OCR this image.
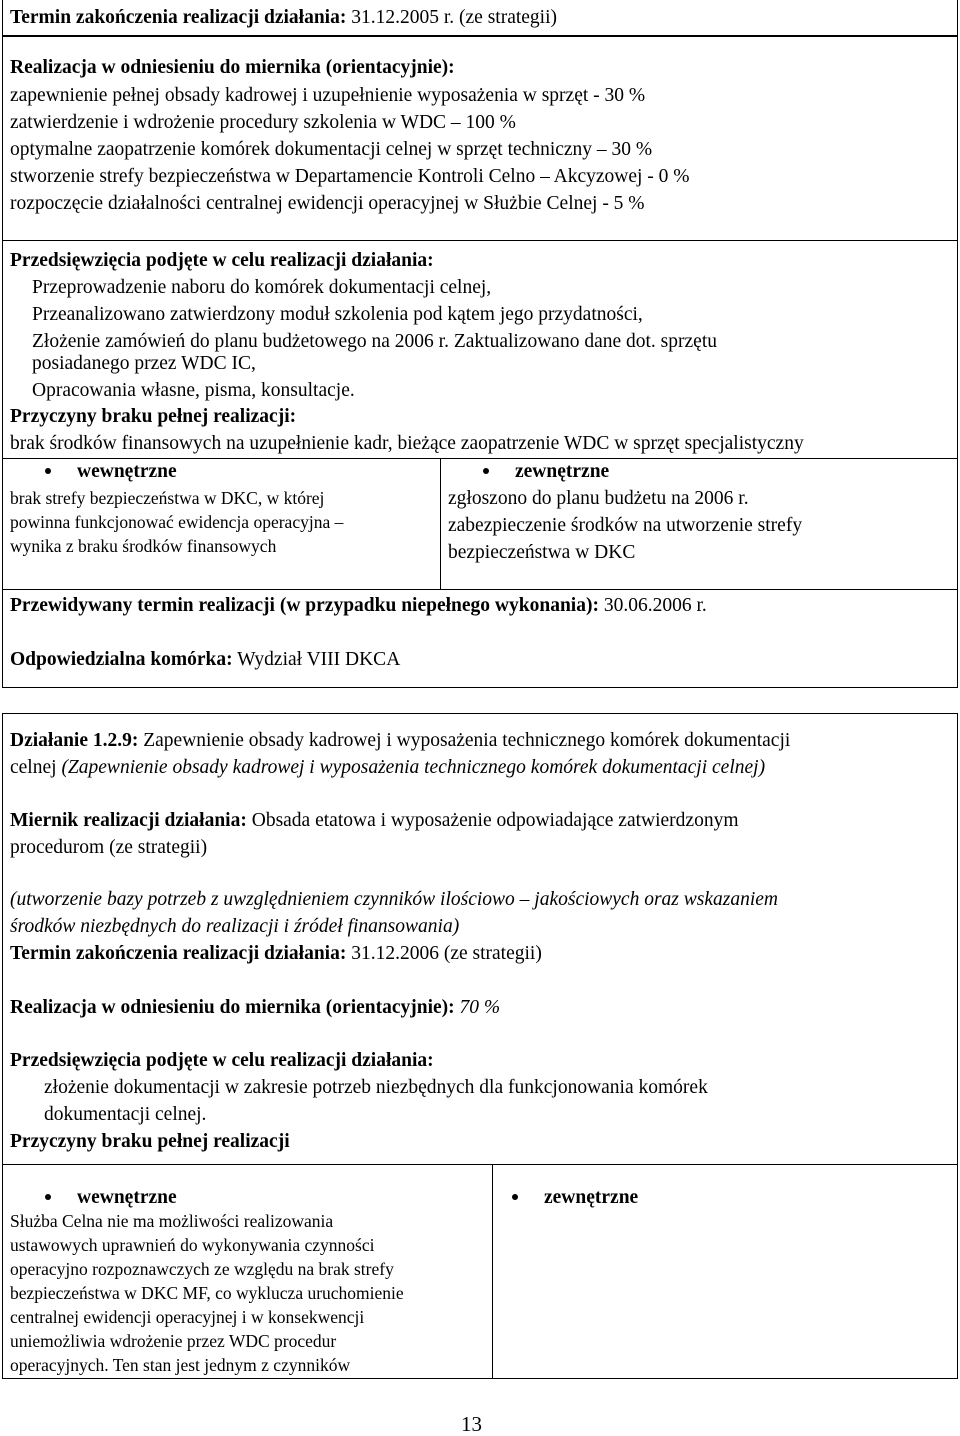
Termin zakończenia realizacji działania: 31.12.2005 r. (ze strategii)
Realizacja w odniesieniu do miernika (orientacyjnie):
zapewnienie pełnej obsady kadrowej i uzupełnienie wyposażenia w sprzęt - 30 %
zatwierdzenie i wdrożenie procedury szkolenia w WDC – 100 %
optymalne zaopatrzenie komórek dokumentacji celnej w sprzęt techniczny – 30 %
stworzenie strefy bezpieczeństwa w Departamencie Kontroli Celno – Akcyzowej - 0 %
rozpoczęcie działalności centralnej ewidencji operacyjnej w Służbie Celnej - 5 %
Przedsięwzięcia podjęte w celu realizacji działania:
Przeprowadzenie naboru do komórek dokumentacji celnej,
Przeanalizowano zatwierdzony moduł szkolenia pod kątem jego przydatności,
Złożenie zamówień do planu budżetowego na 2006 r. Zaktualizowano dane dot. sprzętu
posiadanego przez WDC IC,
Opracowania własne, pisma, konsultacje.
Przyczyny braku pełnej realizacji:
brak środków finansowych na uzupełnienie kadr, bieżące zaopatrzenie WDC w sprzęt specjalistyczny
wewnętrzne
brak strefy bezpieczeństwa w DKC, w której
powinna funkcjonować ewidencja operacyjna –
wynika z braku środków finansowych
zewnętrzne
zgłoszono do planu budżetu na 2006 r.
zabezpieczenie środków na utworzenie strefy
bezpieczeństwa w DKC
Przewidywany termin realizacji (w przypadku niepełnego wykonania): 30.06.2006 r.
Odpowiedzialna komórka: Wydział VIII DKCA
Działanie 1.2.9: Zapewnienie obsady kadrowej i wyposażenia technicznego komórek dokumentacji
celnej (Zapewnienie obsady kadrowej i wyposażenia technicznego komórek dokumentacji celnej)
Miernik realizacji działania: Obsada etatowa i wyposażenie odpowiadające zatwierdzonym
procedurom (ze strategii)
(utworzenie bazy potrzeb z uwzględnieniem czynników ilościowo – jakościowych oraz wskazaniem
środków niezbędnych do realizacji i źródeł finansowania)
Termin zakończenia realizacji działania: 31.12.2006 (ze strategii)
Realizacja w odniesieniu do miernika (orientacyjnie): 70 %
Przedsięwzięcia podjęte w celu realizacji działania:
złożenie dokumentacji w zakresie potrzeb niezbędnych dla funkcjonowania komórek
dokumentacji celnej.
Przyczyny braku pełnej realizacji
wewnętrzne
Służba Celna nie ma możliwości realizowania
ustawowych uprawnień do wykonywania czynności
operacyjno rozpoznawczych ze względu na brak strefy
bezpieczeństwa w DKC MF, co wyklucza uruchomienie
centralnej ewidencji operacyjnej i w konsekwencji
uniemożliwia wdrożenie przez WDC procedur
operacyjnych. Ten stan jest jednym z czynników
zewnętrzne
13
